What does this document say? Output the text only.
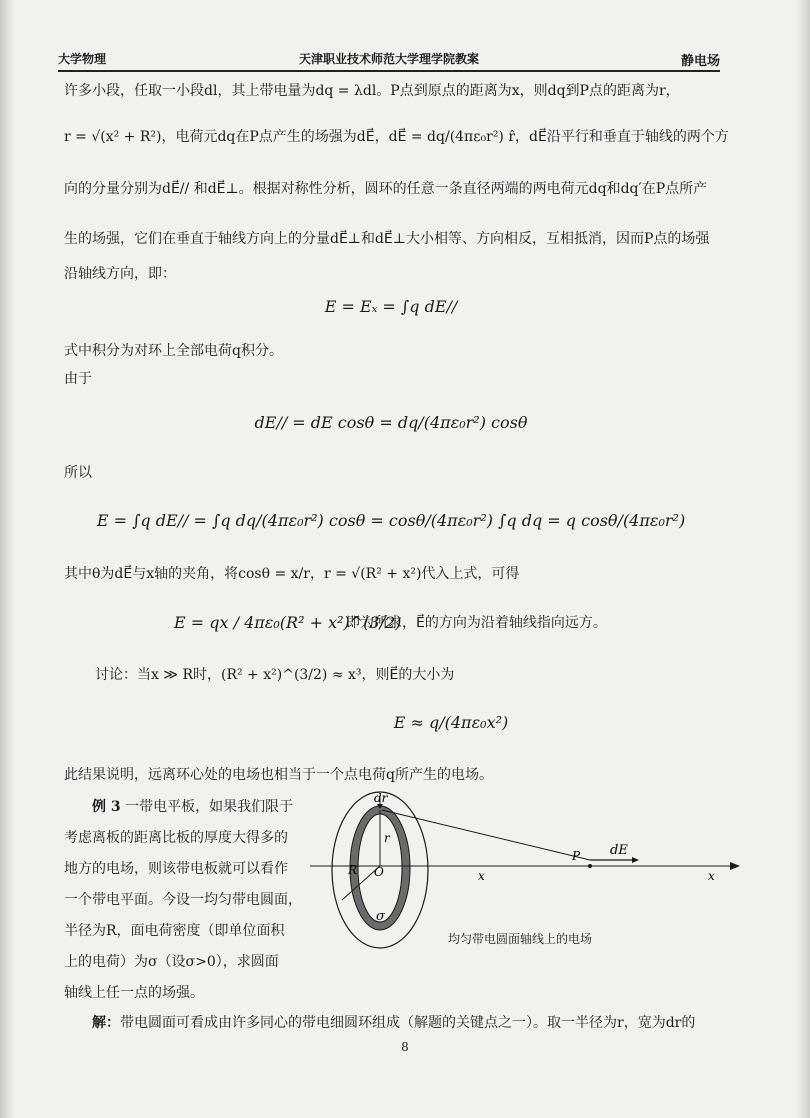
大学物理	天津职业技术师范大学理学院教案	静电场
许多小段，任取一小段dl，其上带电量为dq = λdl。P点到原点的距离为x，则dq到P点的距离为r，
r = √(x² + R²)，电荷元dq在P点产生的场强为dE⃗，dE⃗ = dq/(4πε₀r²) r̂，dE⃗沿平行和垂直于轴线的两个方
向的分量分别为dE⃗// 和dE⃗⊥。根据对称性分析，圆环的任意一条直径两端的两电荷元dq和dq′在P点所产
生的场强，它们在垂直于轴线方向上的分量dE⃗⊥和dE⃗⊥大小相等、方向相反，互相抵消，因而P点的场强
沿轴线方向，即：
E = Eₓ = ∫q dE//
式中积分为对环上全部电荷q积分。
由于
dE// = dE cosθ = dq/(4πε₀r²) cosθ
所以
E = ∫q dE// = ∫q dq/(4πε₀r²) cosθ = cosθ/(4πε₀r²) ∫q dq = q cosθ/(4πε₀r²)
其中θ为dE⃗与x轴的夹角，将cosθ = x/r，r = √(R² + x²)代入上式，可得
E = qx / 4πε₀(R² + x²)^(3/2)
即为所求，E⃗的方向为沿着轴线指向远方。
讨论：当x ≫ R时，(R² + x²)^(3/2) ≈ x³，则E⃗的大小为
E ≈ q/(4πε₀x²)
此结果说明，远离环心处的电场也相当于一个点电荷q所产生的电场。
例 3 一带电平板，如果我们限于
考虑离板的距离比板的厚度大得多的
地方的电场，则该带电板就可以看作
一个带电平面。今设一均匀带电圆面，
半径为R，面电荷密度（即单位面积
上的电荷）为σ（设σ>0），求圆面
轴线上任一点的场强。
dr
r
R O	x	x
P dE
σ
均匀带电圆面轴线上的电场
解：带电圆面可看成由许多同心的带电细圆环组成（解题的关键点之一）。取一半径为r，宽为dr的
8
